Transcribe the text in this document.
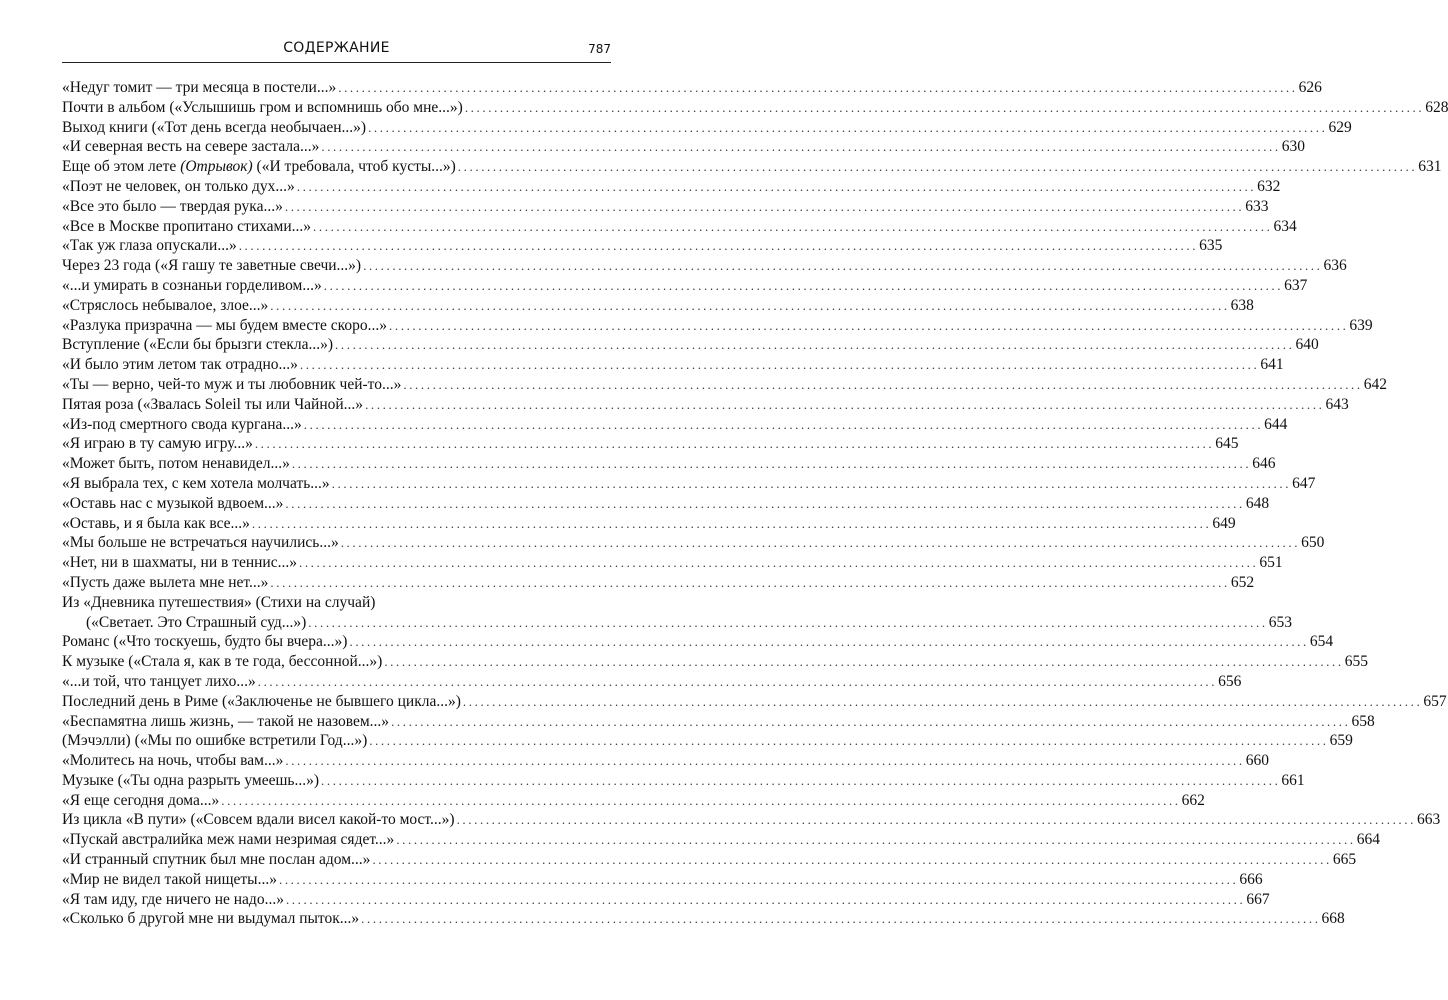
СОДЕРЖАНИЕ	787
«Недуг томит — три месяца в постели...» .....	626
Почти в альбом («Услышишь гром и вспомнишь обо мне...») .....	628
Выход книги («Тот день всегда необычаен...») .....	629
«И северная весть на севере застала...» .....	630
Еще об этом лете (Отрывок) («И требовала, чтоб кусты...») .....	631
«Поэт не человек, он только дух...» .....	632
«Все это было — твердая рука...» .....	633
«Все в Москве пропитано стихами...» .....	634
«Так уж глаза опускали...» .....	635
Через 23 года («Я гашу те заветные свечи...») .....	636
«...и умирать в сознаньи горделивом...» .....	637
«Стряслось небывалое, злое...» .....	638
«Разлука призрачна — мы будем вместе скоро...» .....	639
Вступление («Если бы брызги стекла...») .....	640
«И было этим летом так отрадно...» .....	641
«Ты — верно, чей-то муж и ты любовник чей-то...» .....	642
Пятая роза («Звалась Soleil ты или Чайной...» .....	643
«Из-под смертного свода кургана...» .....	644
«Я играю в ту самую игру...» .....	645
«Может быть, потом ненавидел...» .....	646
«Я выбрала тех, с кем хотела молчать...» .....	647
«Оставь нас с музыкой вдвоем...» .....	648
«Оставь, и я была как все...» .....	649
«Мы больше не встречаться научились...» .....	650
«Нет, ни в шахматы, ни в теннис...» .....	651
«Пусть даже вылета мне нет...» .....	652
Из «Дневника путешествия» (Стихи на случай)
(«Светает. Это Страшный суд...») .....	653
Романс («Что тоскуешь, будто бы вчера...») .....	654
К музыке («Стала я, как в те года, бессонной...») .....	655
«...и той, что танцует лихо...» .....	656
Последний день в Риме («Заключенье не бывшего цикла...») .....	657
«Беспамятна лишь жизнь, — такой не назовем...» .....	658
(Мэчэлли) («Мы по ошибке встретили Год...») .....	659
«Молитесь на ночь, чтобы вам...» .....	660
Музыке («Ты одна разрыть умеешь...») .....	661
«Я еще сегодня дома...» .....	662
Из цикла «В пути» («Совсем вдали висел какой-то мост...») .....	663
«Пускай австралийка меж нами незримая сядет...» .....	664
«И странный спутник был мне послан адом...» .....	665
«Мир не видел такой нищеты...» .....	666
«Я там иду, где ничего не надо...» .....	667
«Сколько б другой мне ни выдумал пыток...» .....	668
